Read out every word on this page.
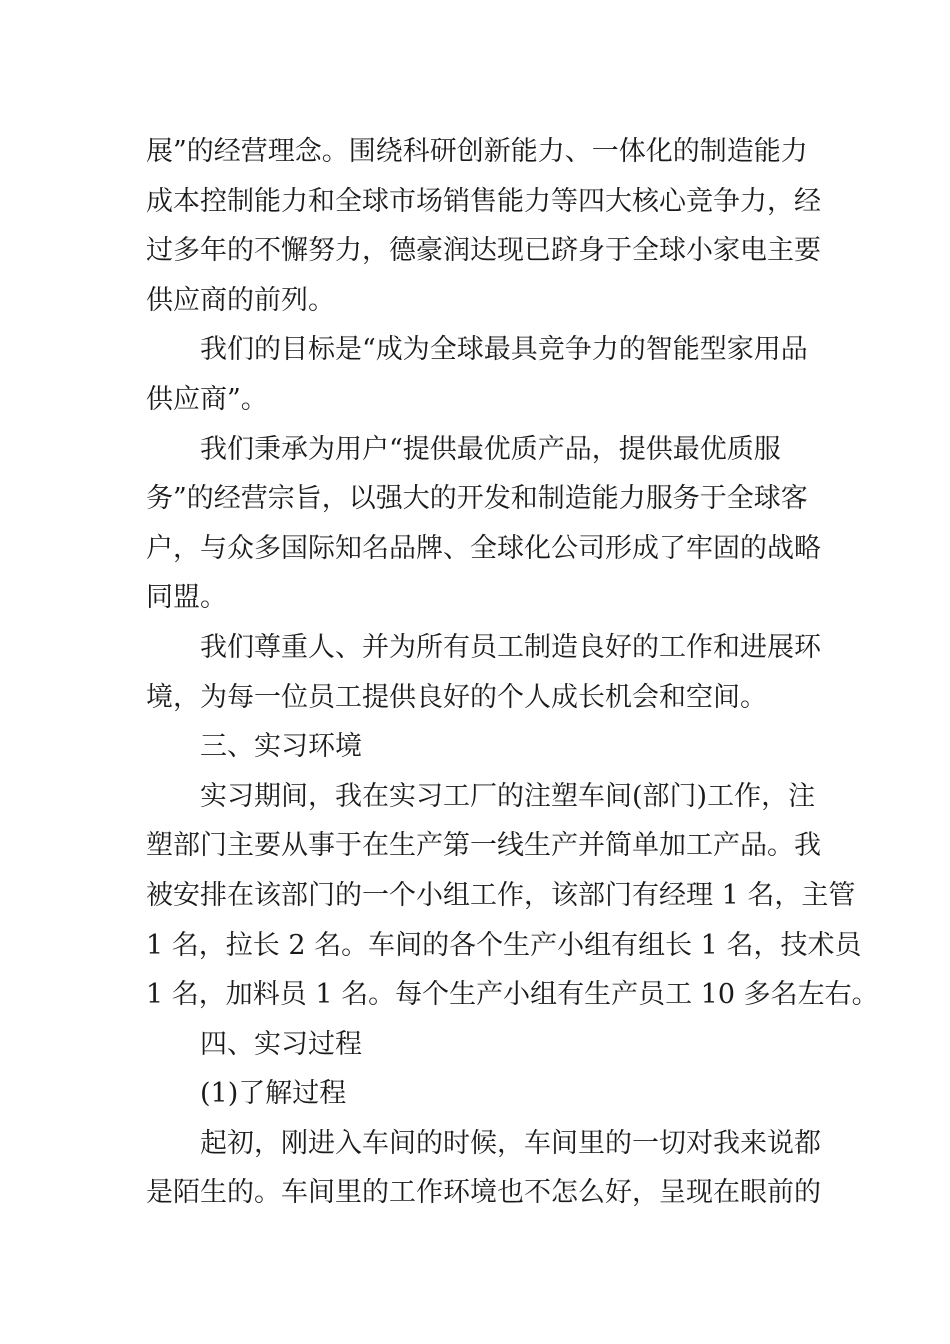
展”的经营理念。围绕科研创新能力、一体化的制造能力
成本控制能力和全球市场销售能力等四大核心竞争力，经
过多年的不懈努力，德豪润达现已跻身于全球小家电主要
供应商的前列。

我们的目标是“成为全球最具竞争力的智能型家用品
供应商”。

我们秉承为用户“提供最优质产品，提供最优质服
务”的经营宗旨，以强大的开发和制造能力服务于全球客
户，与众多国际知名品牌、全球化公司形成了牢固的战略
同盟。

我们尊重人、并为所有员工制造良好的工作和进展环
境，为每一位员工提供良好的个人成长机会和空间。

三、实习环境

实习期间，我在实习工厂的注塑车间(部门)工作，注
塑部门主要从事于在生产第一线生产并简单加工产品。我
被安排在该部门的一个小组工作，该部门有经理 1 名，主管
1 名，拉长 2 名。车间的各个生产小组有组长 1 名，技术员
1 名，加料员 1 名。每个生产小组有生产员工 10 多名左右。

四、实习过程

(1)了解过程

起初，刚进入车间的时候，车间里的一切对我来说都
是陌生的。车间里的工作环境也不怎么好，呈现在眼前的
